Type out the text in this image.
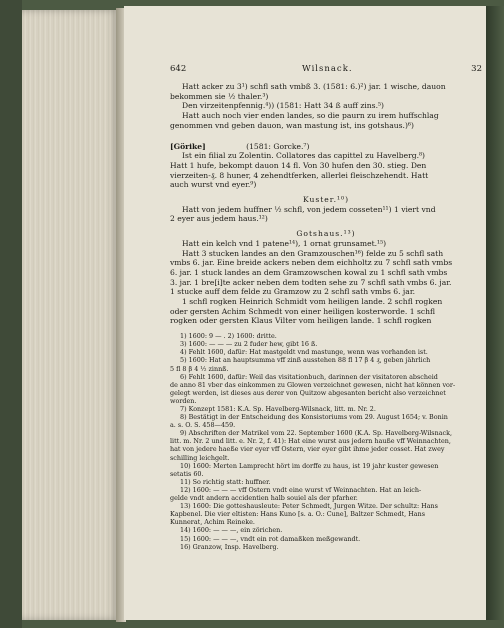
642	Wilsnack.	32

Hatt acker zu 3¹) schfl sath vmbß 3. (1581: 6.)²) jar. 1 wische, dauon

bekommen sie ½ thaler.³)

Den virzeitenpfennig.⁴)) (1581: Hatt 34 ß auff zins.⁵)

Hatt auch noch vier enden landes, so die paurn zu irem huffschlag

genommen vnd geben dauon, wan mastung ist, ins gotshaus.)⁶)

[Görike]	(1581: Gorcke.⁷)

Ist ein filial zu Zolentin. Collatores das capittel zu Havelberg.⁸)

Hatt 1 hufe, bekompt dauon 14 fl. Von 30 hufen den 30. stieg. Den

vierzeiten-₰. 8 huner, 4 zehendtferken, allerlei fleischzehendt. Hatt

auch wurst vnd eyer.⁹)

Kuster.¹⁰)

Hatt von jedem huffner ½ schfl, von jedem cosseten¹¹) 1 viert vnd

2 eyer aus jedem haus.¹²)

Gotshaus.¹³)

Hatt ein kelch vnd 1 patene¹⁴), 1 ornat grunsamet.¹⁵)

Hatt 3 stucken landes an den Gramzouschen¹⁶) felde zu 5 schfl sath

vmbs 6. jar. Eine breide ackers neben dem eichholtz zu 7 schfl sath vmbs

6. jar. 1 stuck landes an dem Gramzowschen kowal zu 1 schfl sath vmbs

3. jar. 1 bre[i]te acker neben dem todten sehe zu 7 schfl sath vmbs 6. jar.

1 stucke auff dem felde zu Gramzow zu 2 schfl sath vmbs 6. jar.

1 schfl rogken Heinrich Schmidt vom heiligen lande. 2 schfl rogken

oder gersten Achim Schmedt von einer heiligen kosterworde. 1 schfl

rogken oder gersten Klaus Vilter vom heiligen lande. 1 schfl rogken

1) 1600: 9 — . 2) 1600: dritte.

3) 1600: — — — zu 2 fuder hew, gibt 16 ß.

4) Fehlt 1600, dafür: Hat mastgeldt vnd mastunge, wenn was vorhanden ist.

5) 1600: Hat an hauptsumma vff zinß ausstehen 88 fl 17 β 4 ₰, geben jährlich

5 fl 8 β 4 ½ zinnß.

6) Fehlt 1600, dafür: Weil das visitationbuch, darinnen der visitatoren abscheid

de anno 81 vber das einkommen zu Glowen verzeichnet gewesen, nicht hat können vor-

gelegt werden, ist dieses aus derer von Quitzow abgesanten bericht also verzeichnet

worden.

7) Konzept 1581: K.A. Sp. Havelberg-Wilsnack, litt. m. Nr. 2.

8) Bestätigt in der Entscheidung des Konsistoriums vom 29. August 1654; v. Bonin

a. s. O. S. 458—459.

9) Abschriften der Matrikel vom 22. September 1600 (K.A. Sp. Havelberg-Wilsnack,

litt. m. Nr. 2 und litt. e. Nr. 2, f. 41): Hat eine wurst aus jedern hauße vff Weinnachten,

hat von jedere haeße vier eyer vff Ostern, vier eyer gibt ihme jeder cosset. Hat zwey

schilling leichgelt.

10) 1600: Merten Lamprecht hört im dorffe zu haus, ist 19 jahr kuster gewesen

setatis 60.

11) So richtig statt: huffner.

12) 1600: — — — vff Ostern vndt eine wurst vf Weinnachten. Hat an leich-

gelde vndt andern accidentien halb souiel als der pfarher.

13) 1600: Die gotteshausleute: Peter Schmedt, Jurgen Witze. Der schultz: Hans

Kapbenel. Die vier eltisten: Hans Kuno [s. a. O.: Cune], Baltzer Schmedt, Hans

Kunnerat, Achim Reineke.

14) 1600: — — —, ein zörichen.

15) 1600: — — —, vndt ein rot damaßken meßgewandt.

16) Granzow, Insp. Havelberg.
